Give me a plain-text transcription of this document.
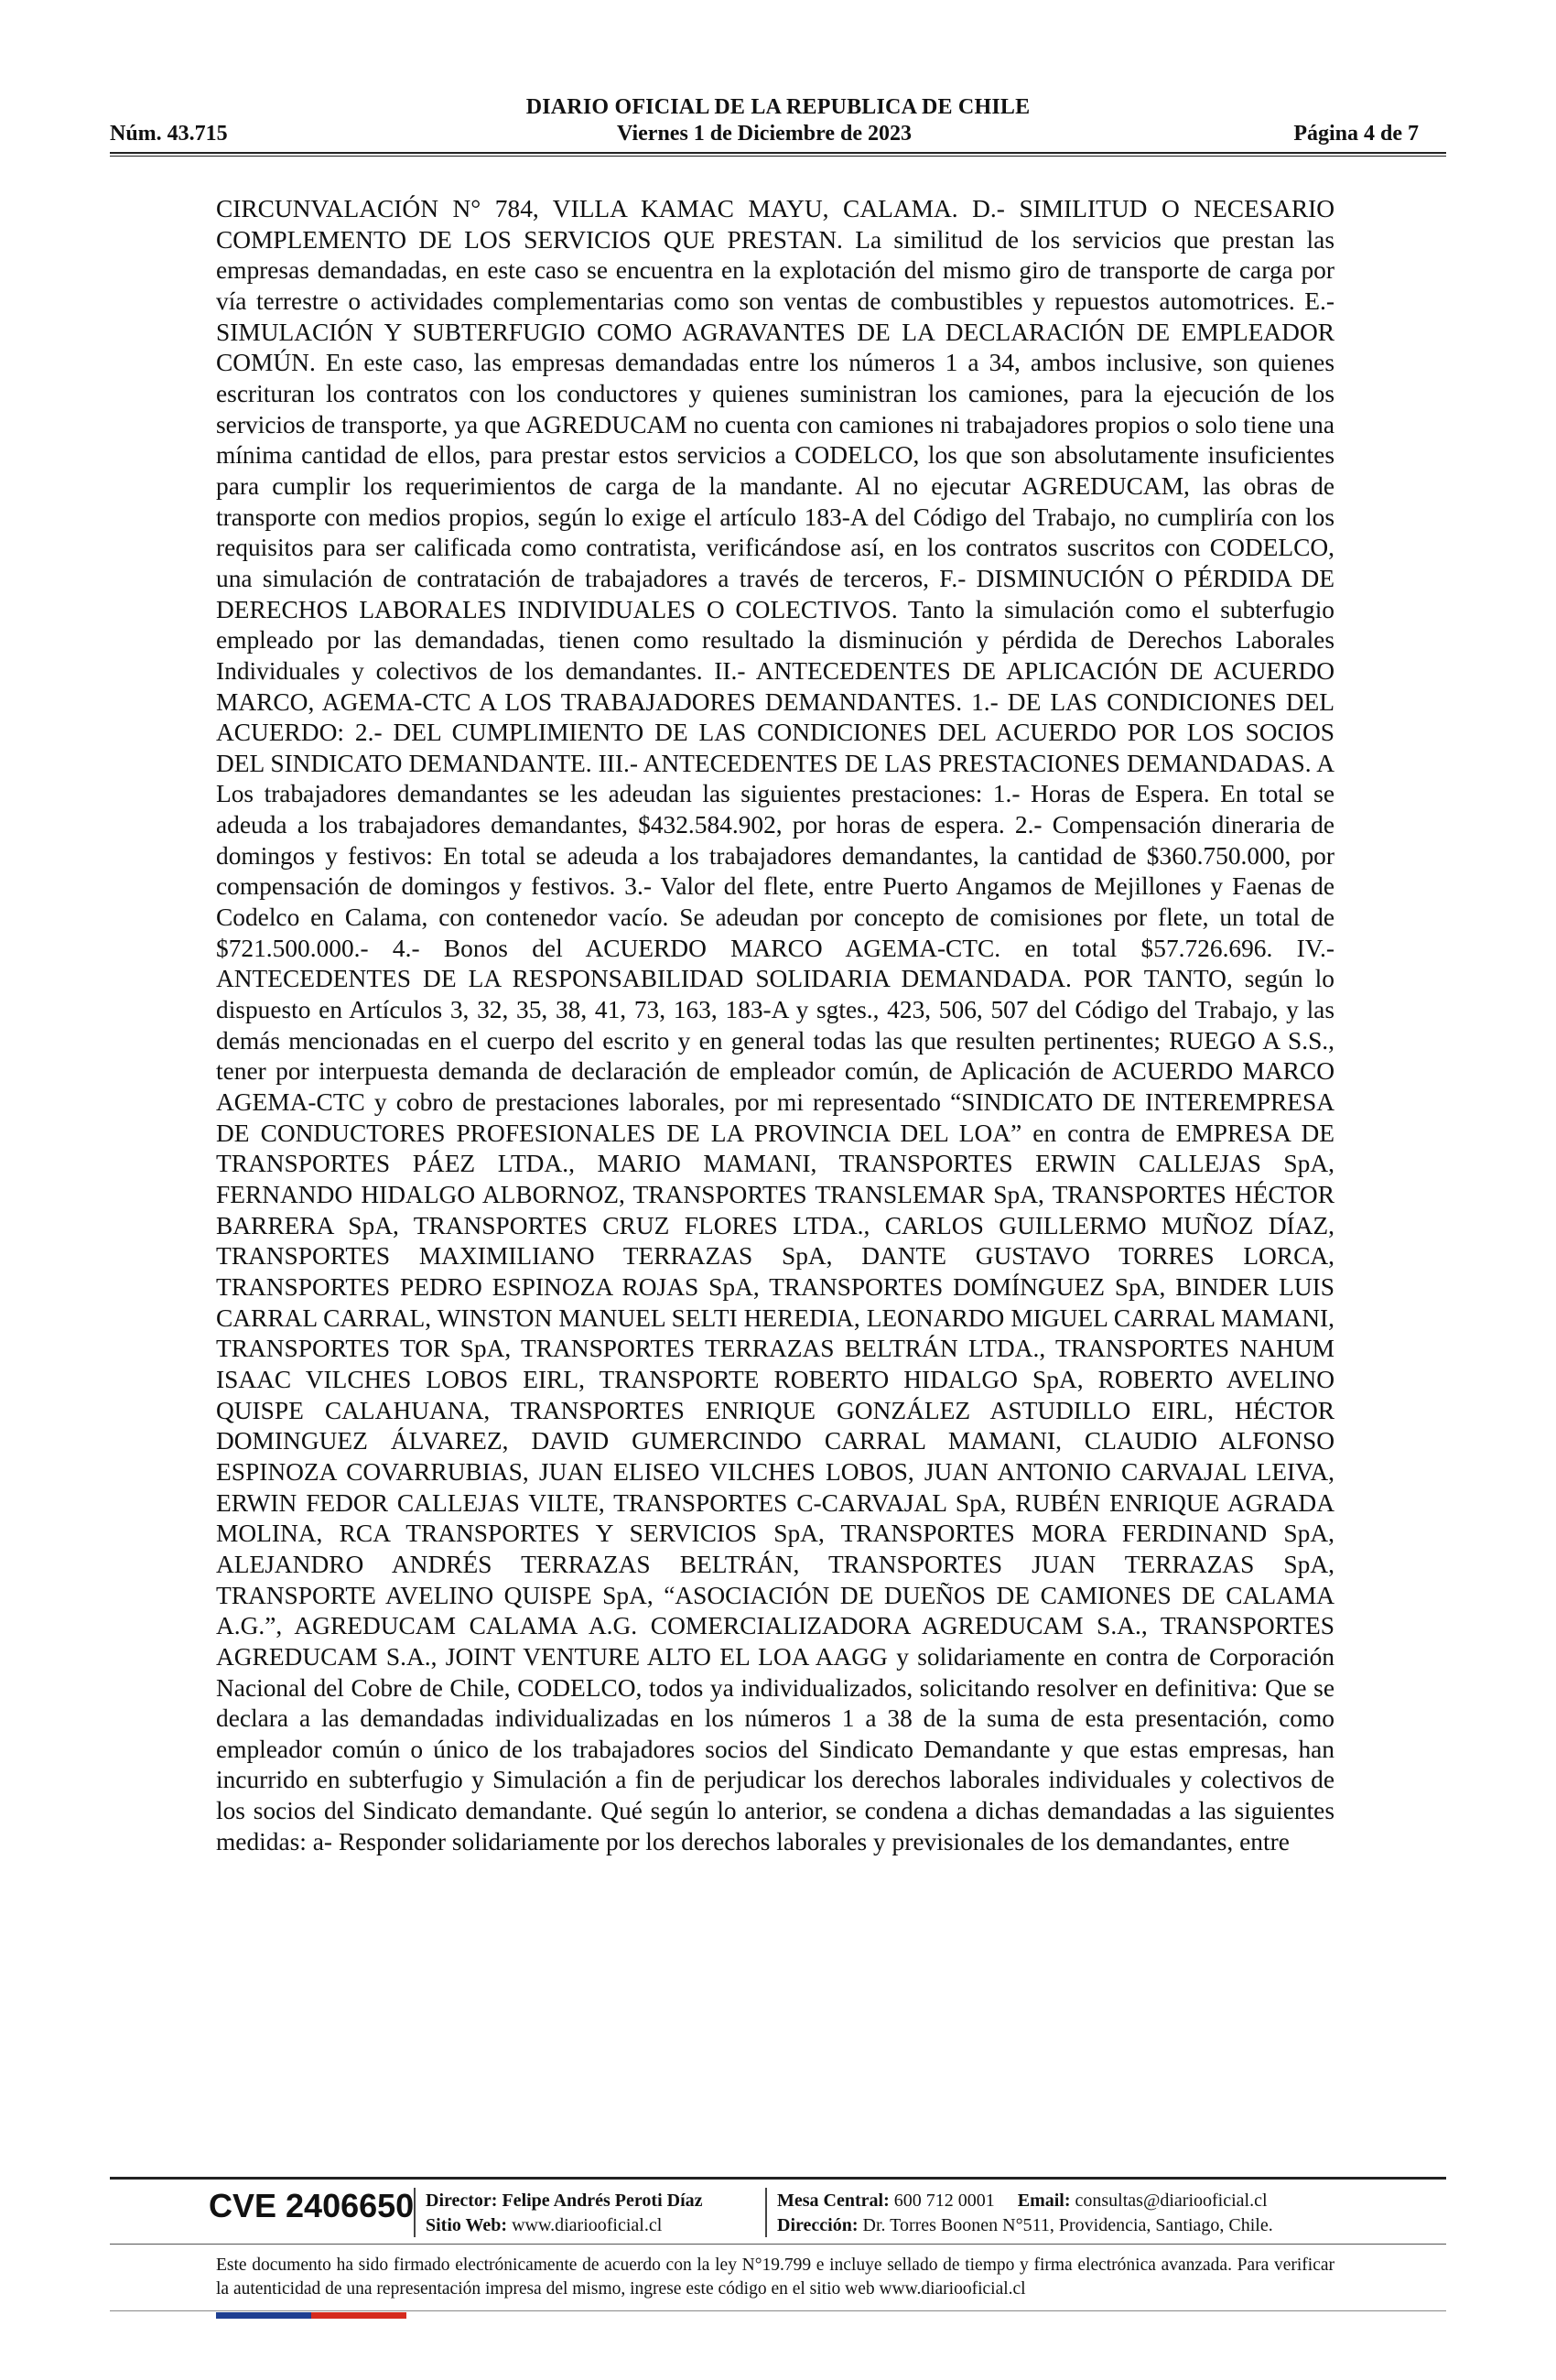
DIARIO OFICIAL DE LA REPUBLICA DE CHILE
Núm. 43.715	Viernes 1 de Diciembre de 2023	Página 4 de 7

CIRCUNVALACIÓN N° 784, VILLA KAMAC MAYU, CALAMA. D.- SIMILITUD O NECESARIO COMPLEMENTO DE LOS SERVICIOS QUE PRESTAN. La similitud de los servicios que prestan las empresas demandadas, en este caso se encuentra en la explotación del mismo giro de transporte de carga por vía terrestre o actividades complementarias como son ventas de combustibles y repuestos automotrices. E.- SIMULACIÓN Y SUBTERFUGIO COMO AGRAVANTES DE LA DECLARACIÓN DE EMPLEADOR COMÚN. En este caso, las empresas demandadas entre los números 1 a 34, ambos inclusive, son quienes escrituran los contratos con los conductores y quienes suministran los camiones, para la ejecución de los servicios de transporte, ya que AGREDUCAM no cuenta con camiones ni trabajadores propios o solo tiene una mínima cantidad de ellos, para prestar estos servicios a CODELCO, los que son absolutamente insuficientes para cumplir los requerimientos de carga de la mandante. Al no ejecutar AGREDUCAM, las obras de transporte con medios propios, según lo exige el artículo 183-A del Código del Trabajo, no cumpliría con los requisitos para ser calificada como contratista, verificándose así, en los contratos suscritos con CODELCO, una simulación de contratación de trabajadores a través de terceros, F.- DISMINUCIÓN O PÉRDIDA DE DERECHOS LABORALES INDIVIDUALES O COLECTIVOS. Tanto la simulación como el subterfugio empleado por las demandadas, tienen como resultado la disminución y pérdida de Derechos Laborales Individuales y colectivos de los demandantes. II.- ANTECEDENTES DE APLICACIÓN DE ACUERDO MARCO, AGEMA-CTC A LOS TRABAJADORES DEMANDANTES. 1.- DE LAS CONDICIONES DEL ACUERDO: 2.- DEL CUMPLIMIENTO DE LAS CONDICIONES DEL ACUERDO POR LOS SOCIOS DEL SINDICATO DEMANDANTE. III.- ANTECEDENTES DE LAS PRESTACIONES DEMANDADAS. A Los trabajadores demandantes se les adeudan las siguientes prestaciones: 1.- Horas de Espera. En total se adeuda a los trabajadores demandantes, $432.584.902, por horas de espera. 2.- Compensación dineraria de domingos y festivos: En total se adeuda a los trabajadores demandantes, la cantidad de $360.750.000, por compensación de domingos y festivos. 3.- Valor del flete, entre Puerto Angamos de Mejillones y Faenas de Codelco en Calama, con contenedor vacío. Se adeudan por concepto de comisiones por flete, un total de $721.500.000.- 4.- Bonos del ACUERDO MARCO AGEMA-CTC. en total $57.726.696. IV.- ANTECEDENTES DE LA RESPONSABILIDAD SOLIDARIA DEMANDADA. POR TANTO, según lo dispuesto en Artículos 3, 32, 35, 38, 41, 73, 163, 183-A y sgtes., 423, 506, 507 del Código del Trabajo, y las demás mencionadas en el cuerpo del escrito y en general todas las que resulten pertinentes; RUEGO A S.S., tener por interpuesta demanda de declaración de empleador común, de Aplicación de ACUERDO MARCO AGEMA-CTC y cobro de prestaciones laborales, por mi representado “SINDICATO DE INTEREMPRESA DE CONDUCTORES PROFESIONALES DE LA PROVINCIA DEL LOA” en contra de EMPRESA DE TRANSPORTES PÁEZ LTDA., MARIO MAMANI, TRANSPORTES ERWIN CALLEJAS SpA, FERNANDO HIDALGO ALBORNOZ, TRANSPORTES TRANSLEMAR SpA, TRANSPORTES HÉCTOR BARRERA SpA, TRANSPORTES CRUZ FLORES LTDA., CARLOS GUILLERMO MUÑOZ DÍAZ, TRANSPORTES MAXIMILIANO TERRAZAS SpA, DANTE GUSTAVO TORRES LORCA, TRANSPORTES PEDRO ESPINOZA ROJAS SpA, TRANSPORTES DOMÍNGUEZ SpA, BINDER LUIS CARRAL CARRAL, WINSTON MANUEL SELTI HEREDIA, LEONARDO MIGUEL CARRAL MAMANI, TRANSPORTES TOR SpA, TRANSPORTES TERRAZAS BELTRÁN LTDA., TRANSPORTES NAHUM ISAAC VILCHES LOBOS EIRL, TRANSPORTE ROBERTO HIDALGO SpA, ROBERTO AVELINO QUISPE CALAHUANA, TRANSPORTES ENRIQUE GONZÁLEZ ASTUDILLO EIRL, HÉCTOR DOMINGUEZ ÁLVAREZ, DAVID GUMERCINDO CARRAL MAMANI, CLAUDIO ALFONSO ESPINOZA COVARRUBIAS, JUAN ELISEO VILCHES LOBOS, JUAN ANTONIO CARVAJAL LEIVA, ERWIN FEDOR CALLEJAS VILTE, TRANSPORTES C-CARVAJAL SpA, RUBÉN ENRIQUE AGRADA MOLINA, RCA TRANSPORTES Y SERVICIOS SpA, TRANSPORTES MORA FERDINAND SpA, ALEJANDRO ANDRÉS TERRAZAS BELTRÁN, TRANSPORTES JUAN TERRAZAS SpA, TRANSPORTE AVELINO QUISPE SpA, “ASOCIACIÓN DE DUEÑOS DE CAMIONES DE CALAMA A.G.”, AGREDUCAM CALAMA A.G. COMERCIALIZADORA AGREDUCAM S.A., TRANSPORTES AGREDUCAM S.A., JOINT VENTURE ALTO EL LOA AAGG y solidariamente en contra de Corporación Nacional del Cobre de Chile, CODELCO, todos ya individualizados, solicitando resolver en definitiva: Que se declara a las demandadas individualizadas en los números 1 a 38 de la suma de esta presentación, como empleador común o único de los trabajadores socios del Sindicato Demandante y que estas empresas, han incurrido en subterfugio y Simulación a fin de perjudicar los derechos laborales individuales y colectivos de los socios del Sindicato demandante. Qué según lo anterior, se condena a dichas demandadas a las siguientes medidas: a- Responder solidariamente por los derechos laborales y previsionales de los demandantes, entre

CVE 2406650 Director: Felipe Andrés Peroti Díaz
Sitio Web: www.diariooficial.cl
Mesa Central: 600 712 0001 Email: consultas@diariooficial.cl
Dirección: Dr. Torres Boonen N°511, Providencia, Santiago, Chile.

Este documento ha sido firmado electrónicamente de acuerdo con la ley N°19.799 e incluye sellado de tiempo y firma electrónica avanzada. Para verificar la autenticidad de una representación impresa del mismo, ingrese este código en el sitio web www.diariooficial.cl
